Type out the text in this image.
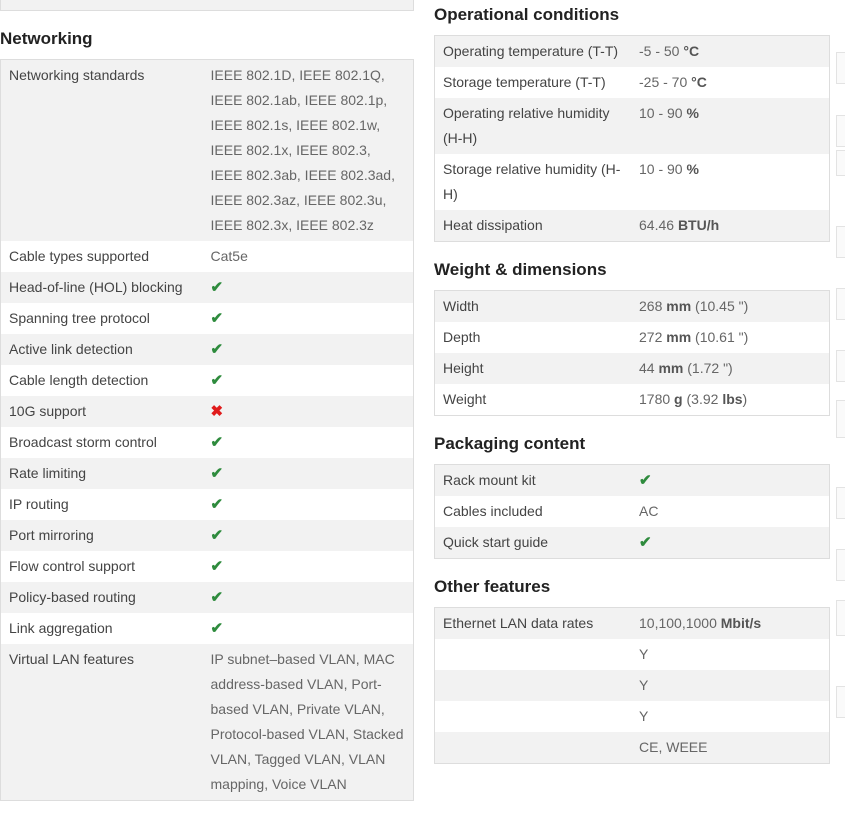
Networking
Networking standards	IEEE 802.1D, IEEE 802.1Q, IEEE 802.1ab, IEEE 802.1p, IEEE 802.1s, IEEE 802.1w, IEEE 802.1x, IEEE 802.3, IEEE 802.3ab, IEEE 802.3ad, IEEE 802.3az, IEEE 802.3u, IEEE 802.3x, IEEE 802.3z
Cable types supported	Cat5e
Head-of-line (HOL) blocking	✔
Spanning tree protocol	✔
Active link detection	✔
Cable length detection	✔
10G support	✖
Broadcast storm control	✔
Rate limiting	✔
IP routing	✔
Port mirroring	✔
Flow control support	✔
Policy-based routing	✔
Link aggregation	✔
Virtual LAN features	IP subnet–based VLAN, MAC address-based VLAN, Port-based VLAN, Private VLAN, Protocol-based VLAN, Stacked VLAN, Tagged VLAN, VLAN mapping, Voice VLAN
Operational conditions
Operating temperature (T-T)	-5 - 50 °C
Storage temperature (T-T)	-25 - 70 °C
Operating relative humidity (H-H)	10 - 90 %
Storage relative humidity (H-H)	10 - 90 %
Heat dissipation	64.46 BTU/h
Weight & dimensions
Width	268 mm (10.45 ")
Depth	272 mm (10.61 ")
Height	44 mm (1.72 ")
Weight	1780 g (3.92 lbs)
Packaging content
Rack mount kit	✔
Cables included	AC
Quick start guide	✔
Other features
Ethernet LAN data rates	10,100,1000 Mbit/s
	Y
	Y
	Y
	CE, WEEE
